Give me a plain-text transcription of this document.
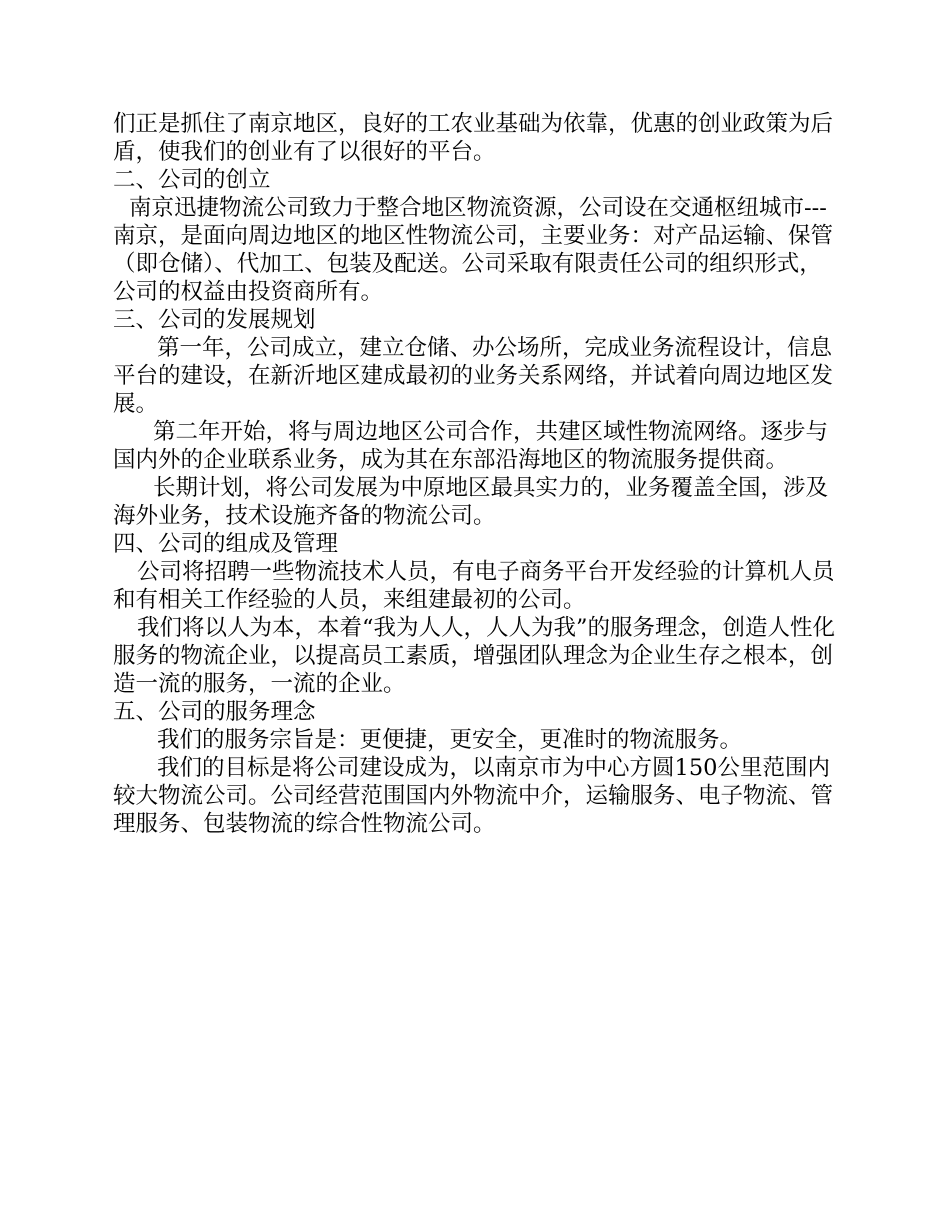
们正是抓住了南京地区，良好的工农业基础为依靠，优惠的创业政策为后盾，使我们的创业有了以很好的平台。

二、公司的创立

南京迅捷物流公司致力于整合地区物流资源，公司设在交通枢纽城市---南京，是面向周边地区的地区性物流公司，主要业务：对产品运输、保管（即仓储）、代加工、包装及配送。公司采取有限责任公司的组织形式，公司的权益由投资商所有。

三、公司的发展规划

第一年，公司成立，建立仓储、办公场所，完成业务流程设计，信息平台的建设，在新沂地区建成最初的业务关系网络，并试着向周边地区发展。

第二年开始，将与周边地区公司合作，共建区域性物流网络。逐步与国内外的企业联系业务，成为其在东部沿海地区的物流服务提供商。

长期计划，将公司发展为中原地区最具实力的，业务覆盖全国，涉及海外业务，技术设施齐备的物流公司。

四、公司的组成及管理

公司将招聘一些物流技术人员，有电子商务平台开发经验的计算机人员和有相关工作经验的人员，来组建最初的公司。

我们将以人为本，本着“我为人人，人人为我”的服务理念，创造人性化服务的物流企业，以提高员工素质，增强团队理念为企业生存之根本，创造一流的服务，一流的企业。

五、公司的服务理念

我们的服务宗旨是：更便捷，更安全，更准时的物流服务。

我们的目标是将公司建设成为，以南京市为中心方圆150公里范围内较大物流公司。公司经营范围国内外物流中介，运输服务、电子物流、管理服务、包装物流的综合性物流公司。
